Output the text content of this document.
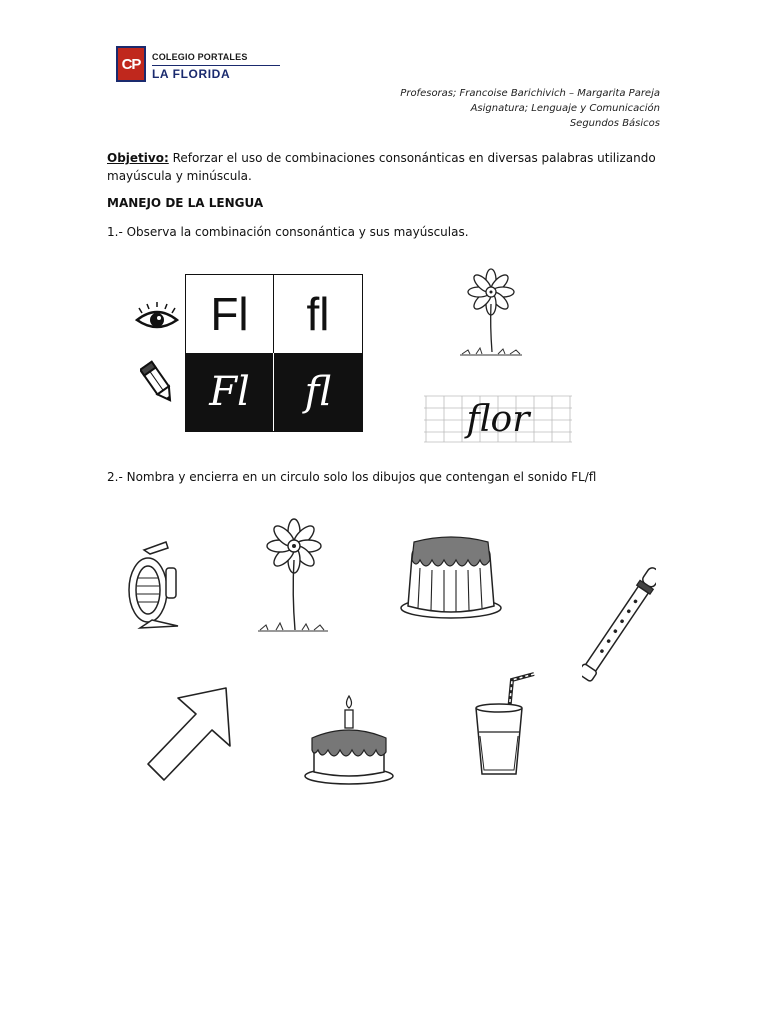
CP COLEGIO PORTALES
LA FLORIDA
Profesoras; Francoise Barichivich – Margarita Pareja
Asignatura; Lenguaje y Comunicación
Segundos Básicos
Objetivo: Reforzar el uso de combinaciones consonánticas en diversas palabras utilizando
mayúscula y minúscula.
MANEJO DE LA LENGUA
1.- Observa la combinación consonántica y sus mayúsculas.
Fl fl
Fl fl
flor
2.- Nombra y encierra en un circulo solo los dibujos que contengan el sonido FL/fl
